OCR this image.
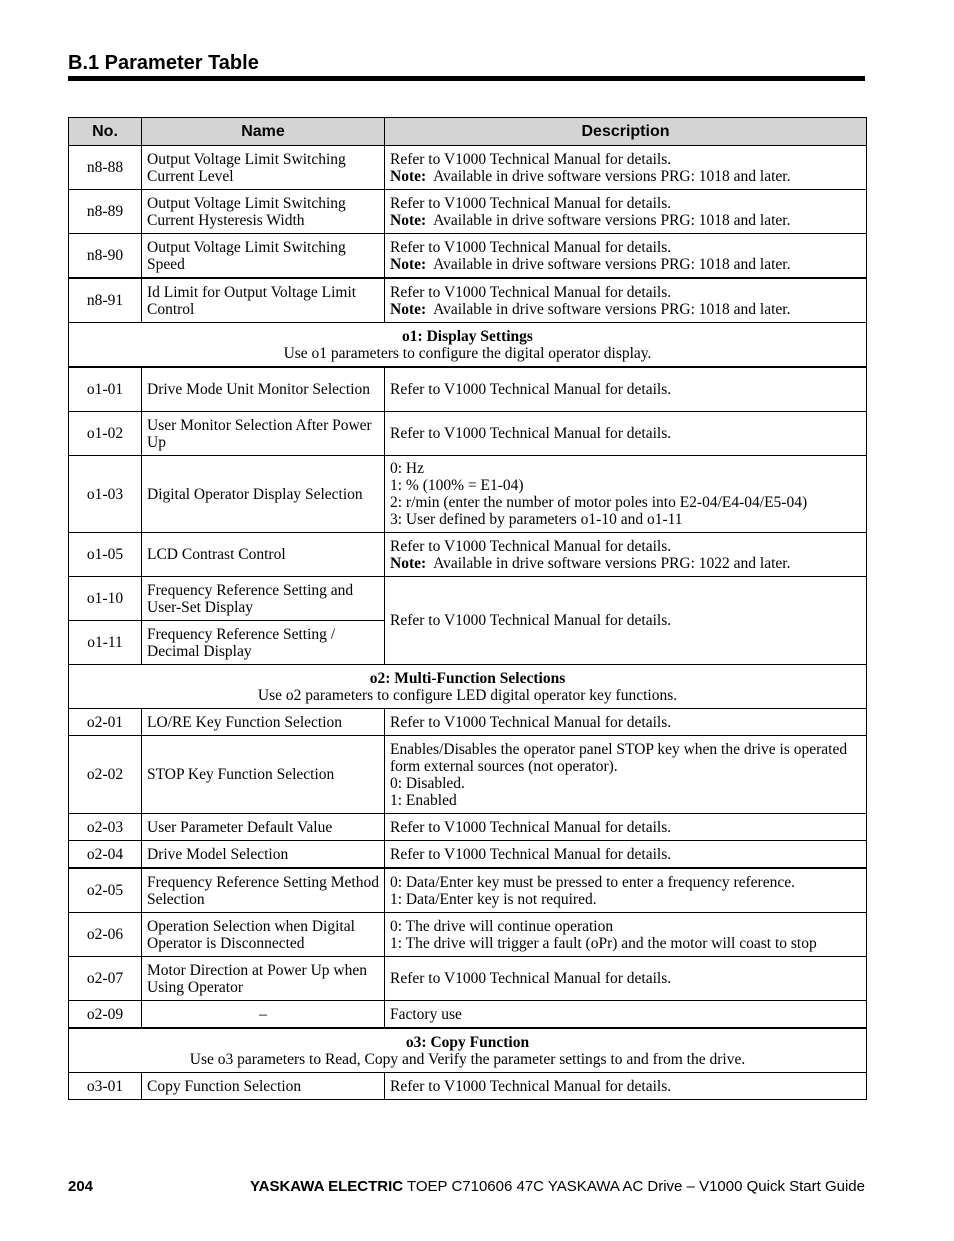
B.1 Parameter Table
No.	Name	Description
n8-88	Output Voltage Limit Switching Current Level	Refer to V1000 Technical Manual for details.
Note: Available in drive software versions PRG: 1018 and later.

n8-89	Output Voltage Limit Switching Current Hysteresis Width	Refer to V1000 Technical Manual for details.
Note: Available in drive software versions PRG: 1018 and later.

n8-90	Output Voltage Limit Switching Speed	Refer to V1000 Technical Manual for details.
Note: Available in drive software versions PRG: 1018 and later.

n8-91	Id Limit for Output Voltage Limit Control	Refer to V1000 Technical Manual for details.
Note: Available in drive software versions PRG: 1018 and later.

o1: Display Settings
Use o1 parameters to configure the digital operator display.		

o1-01	Drive Mode Unit Monitor Selection	Refer to V1000 Technical Manual for details.
o1-02	User Monitor Selection After Power Up	Refer to V1000 Technical Manual for details.
o1-03	Digital Operator Display Selection	0: Hz
1: % (100% = E1-04)
2: r/min (enter the number of motor poles into E2-04/E4-04/E5-04)
3: User defined by parameters o1-10 and o1-11

o1-05	LCD Contrast Control	Refer to V1000 Technical Manual for details.
Note: Available in drive software versions PRG: 1022 and later.

o1-10	Frequency Reference Setting and User-Set Display	Refer to V1000 Technical Manual for details.
o1-11	Frequency Reference Setting / Decimal Display	

o2: Multi-Function Selections
Use o2 parameters to configure LED digital operator key functions.		

o2-01	LO/RE Key Function Selection	Refer to V1000 Technical Manual for details.
o2-02	STOP Key Function Selection	Enables/Disables the operator panel STOP key when the drive is operated form external sources (not operator).
0: Disabled.
1: Enabled

o2-03	User Parameter Default Value	Refer to V1000 Technical Manual for details.
o2-04	Drive Model Selection	Refer to V1000 Technical Manual for details.
o2-05	Frequency Reference Setting Method Selection	0: Data/Enter key must be pressed to enter a frequency reference.
1: Data/Enter key is not required.

o2-06	Operation Selection when Digital Operator is Disconnected	0: The drive will continue operation
1: The drive will trigger a fault (oPr) and the motor will coast to stop

o2-07	Motor Direction at Power Up when Using Operator	Refer to V1000 Technical Manual for details.
o2-09	–	Factory use

o3: Copy Function
Use o3 parameters to Read, Copy and Verify the parameter settings to and from the drive.		

o3-01	Copy Function Selection	Refer to V1000 Technical Manual for details.
204	YASKAWA ELECTRIC TOEP C710606 47C YASKAWA AC Drive – V1000 Quick Start Guide
